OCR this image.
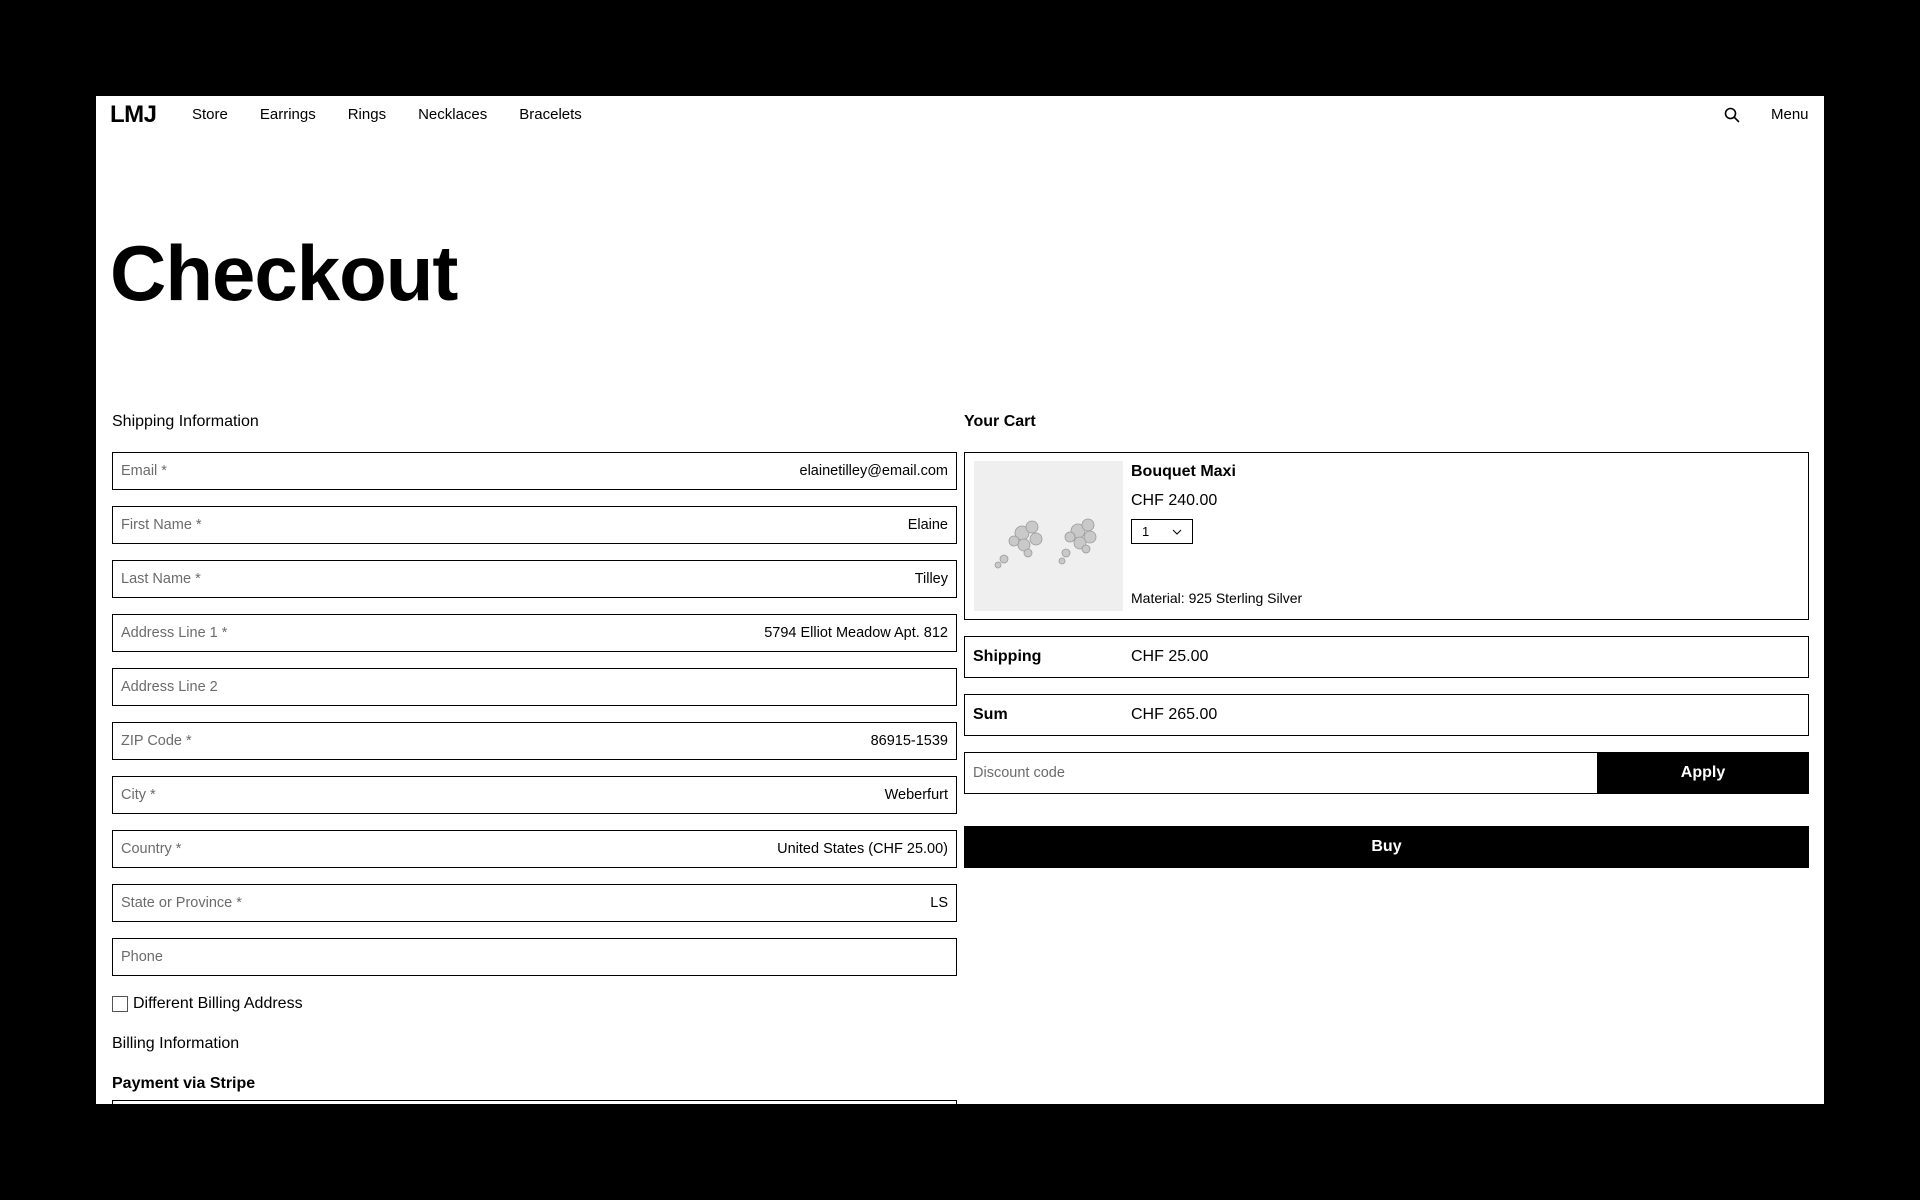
LMJ Store Earrings Rings Necklaces Bracelets	Menu
Checkout
Shipping Information
Email *	elainetilley@email.com
First Name *	Elaine
Last Name *	Tilley
Address Line 1 *	5794 Elliot Meadow Apt. 812
Address Line 2
ZIP Code *	86915-1539
City *	Weberfurt
Country *	United States (CHF 25.00)
State or Province *	LS
Phone
Different Billing Address
Billing Information
Payment via Stripe
Your Cart
Bouquet Maxi
CHF 240.00
1
Material: 925 Sterling Silver
Shipping	CHF 25.00
Sum	CHF 265.00
Discount code
Apply
Buy
